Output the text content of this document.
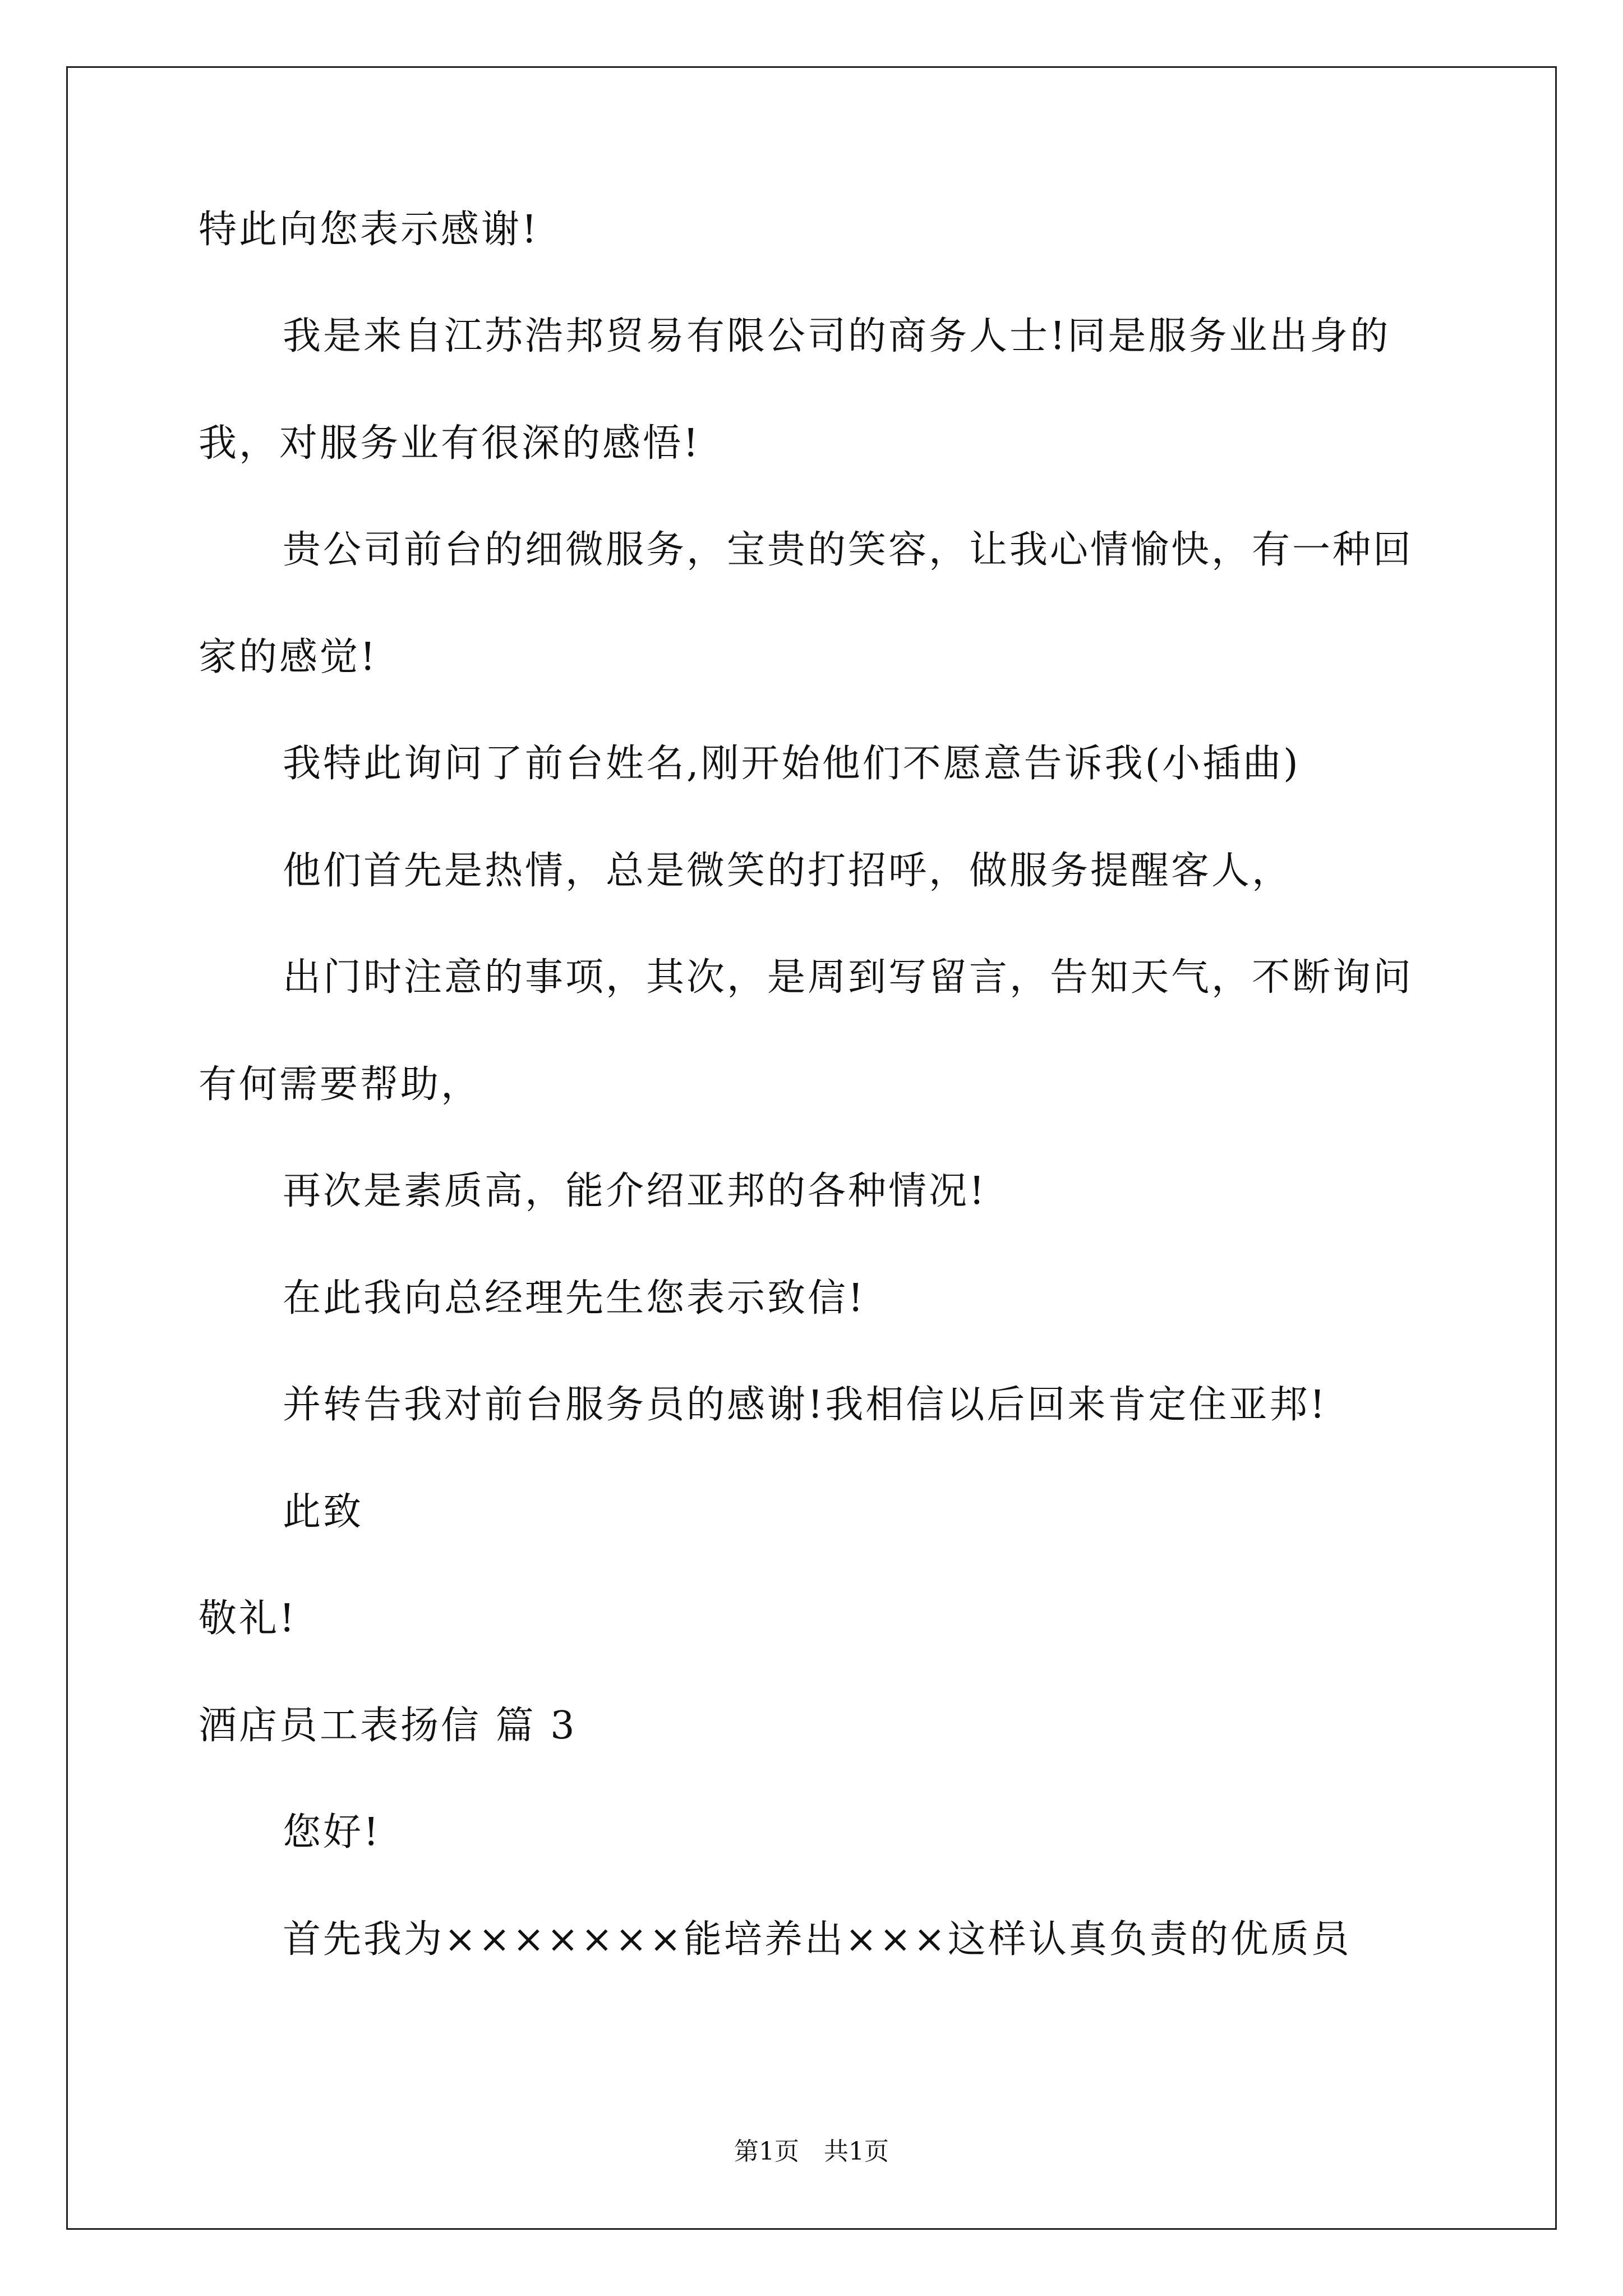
特此向您表示感谢!
我是来自江苏浩邦贸易有限公司的商务人士!同是服务业出身的
我，对服务业有很深的感悟!
贵公司前台的细微服务，宝贵的笑容，让我心情愉快，有一种回
家的感觉!
我特此询问了前台姓名,刚开始他们不愿意告诉我(小插曲)
他们首先是热情，总是微笑的打招呼，做服务提醒客人，
出门时注意的事项，其次，是周到写留言，告知天气，不断询问
有何需要帮助，
再次是素质高，能介绍亚邦的各种情况!
在此我向总经理先生您表示致信!
并转告我对前台服务员的感谢!我相信以后回来肯定住亚邦!
此致
敬礼!
酒店员工表扬信 篇 3
您好!
首先我为×××××××能培养出×××这样认真负责的优质员
第1页 共1页
